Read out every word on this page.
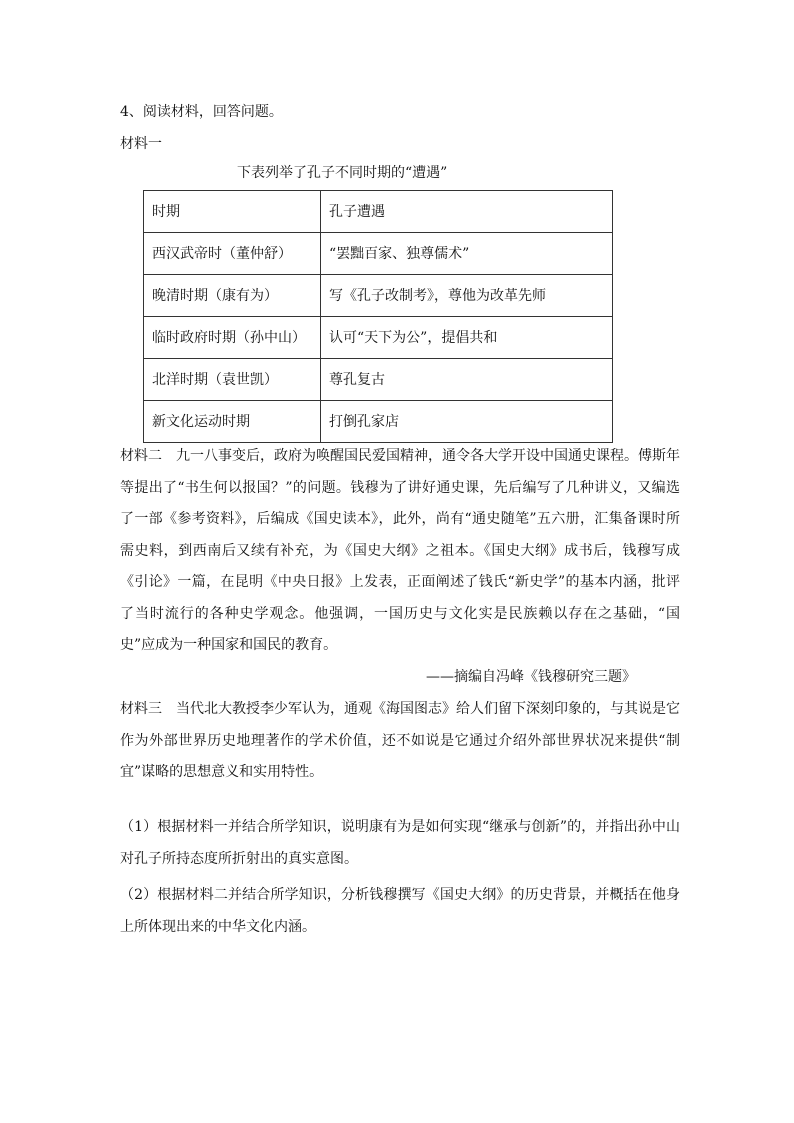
4、阅读材料，回答问题。
材料一
下表列举了孔子不同时期的“遭遇”
时期	孔子遭遇
西汉武帝时（董仲舒）	“罢黜百家、独尊儒术”
晚清时期（康有为）	写《孔子改制考》，尊他为改革先师
临时政府时期（孙中山）	认可“天下为公”，提倡共和
北洋时期（袁世凯）	尊孔复古
新文化运动时期	打倒孔家店
材料二　九一八事变后，政府为唤醒国民爱国精神，通令各大学开设中国通史课程。傅斯年等提出了“书生何以报国？”的问题。钱穆为了讲好通史课，先后编写了几种讲义，又编选了一部《参考资料》，后编成《国史读本》，此外，尚有“通史随笔”五六册，汇集备课时所需史料，到西南后又续有补充，为《国史大纲》之祖本。《国史大纲》成书后，钱穆写成《引论》一篇，在昆明《中央日报》上发表，正面阐述了钱氏“新史学”的基本内涵，批评了当时流行的各种史学观念。他强调，一国历史与文化实是民族赖以存在之基础，“国史”应成为一种国家和国民的教育。
——摘编自冯峰《钱穆研究三题》
材料三　当代北大教授李少军认为，通观《海国图志》给人们留下深刻印象的，与其说是它作为外部世界历史地理著作的学术价值，还不如说是它通过介绍外部世界状况来提供“制宜”谋略的思想意义和实用特性。
（1）根据材料一并结合所学知识，说明康有为是如何实现“继承与创新”的，并指出孙中山对孔子所持态度所折射出的真实意图。
（2）根据材料二并结合所学知识，分析钱穆撰写《国史大纲》的历史背景，并概括在他身上所体现出来的中华文化内涵。
